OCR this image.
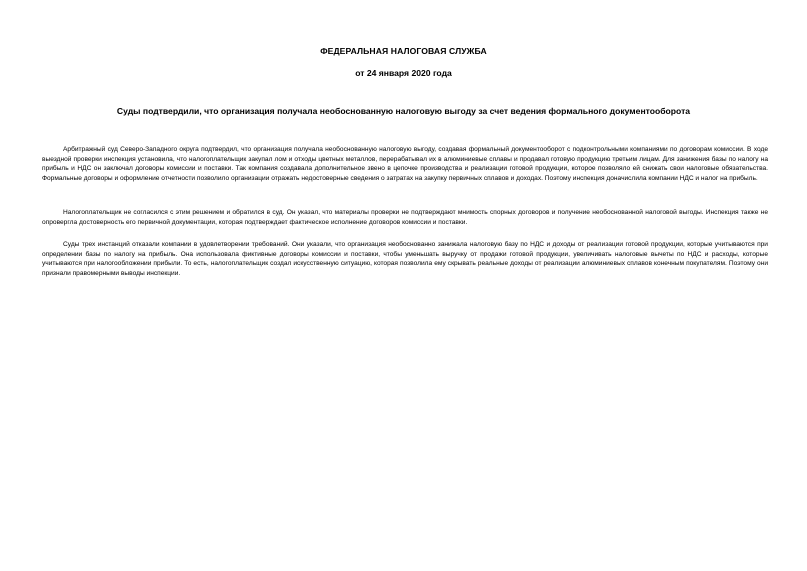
ФЕДЕРАЛЬНАЯ НАЛОГОВАЯ СЛУЖБА

от 24 января 2020 года

Суды подтвердили, что организация получала необоснованную налоговую выгоду за счет ведения формального документооборота

Арбитражный суд Северо-Западного округа подтвердил, что организация получала необоснованную налоговую выгоду, создавая формальный документооборот с подконтрольными компаниями по договорам комиссии. В ходе выездной проверки инспекция установила, что налогоплательщик закупал лом и отходы цветных металлов, перерабатывал их в алюминиевые сплавы и продавал готовую продукцию третьим лицам. Для занижения базы по налогу на прибыль и НДС он заключал договоры комиссии и поставки. Так компания создавала дополнительное звено в цепочке производства и реализации готовой продукции, которое позволяло ей снижать свои налоговые обязательства. Формальные договоры и оформление отчетности позволило организации отражать недостоверные сведения о затратах на закупку первичных сплавов и доходах. Поэтому инспекция доначислила компании НДС и налог на прибыль.

Налогоплательщик не согласился с этим решением и обратился в суд. Он указал, что материалы проверки не подтверждают мнимость спорных договоров и получение необоснованной налоговой выгоды. Инспекция также не опровергла достоверность его первичной документации, которая подтверждает фактическое исполнение договоров комиссии и поставки.

Суды трех инстанций отказали компании в удовлетворении требований. Они указали, что организация необоснованно занижала налоговую базу по НДС и доходы от реализации готовой продукции, которые учитываются при определении базы по налогу на прибыль. Она использовала фиктивные договоры комиссии и поставки, чтобы уменьшать выручку от продажи готовой продукции, увеличивать налоговые вычеты по НДС и расходы, которые учитываются при налогообложении прибыли. То есть, налогоплательщик создал искусственную ситуацию, которая позволила ему скрывать реальные доходы от реализации алюминиевых сплавов конечным покупателям. Поэтому они признали правомерными выводы инспекции.
